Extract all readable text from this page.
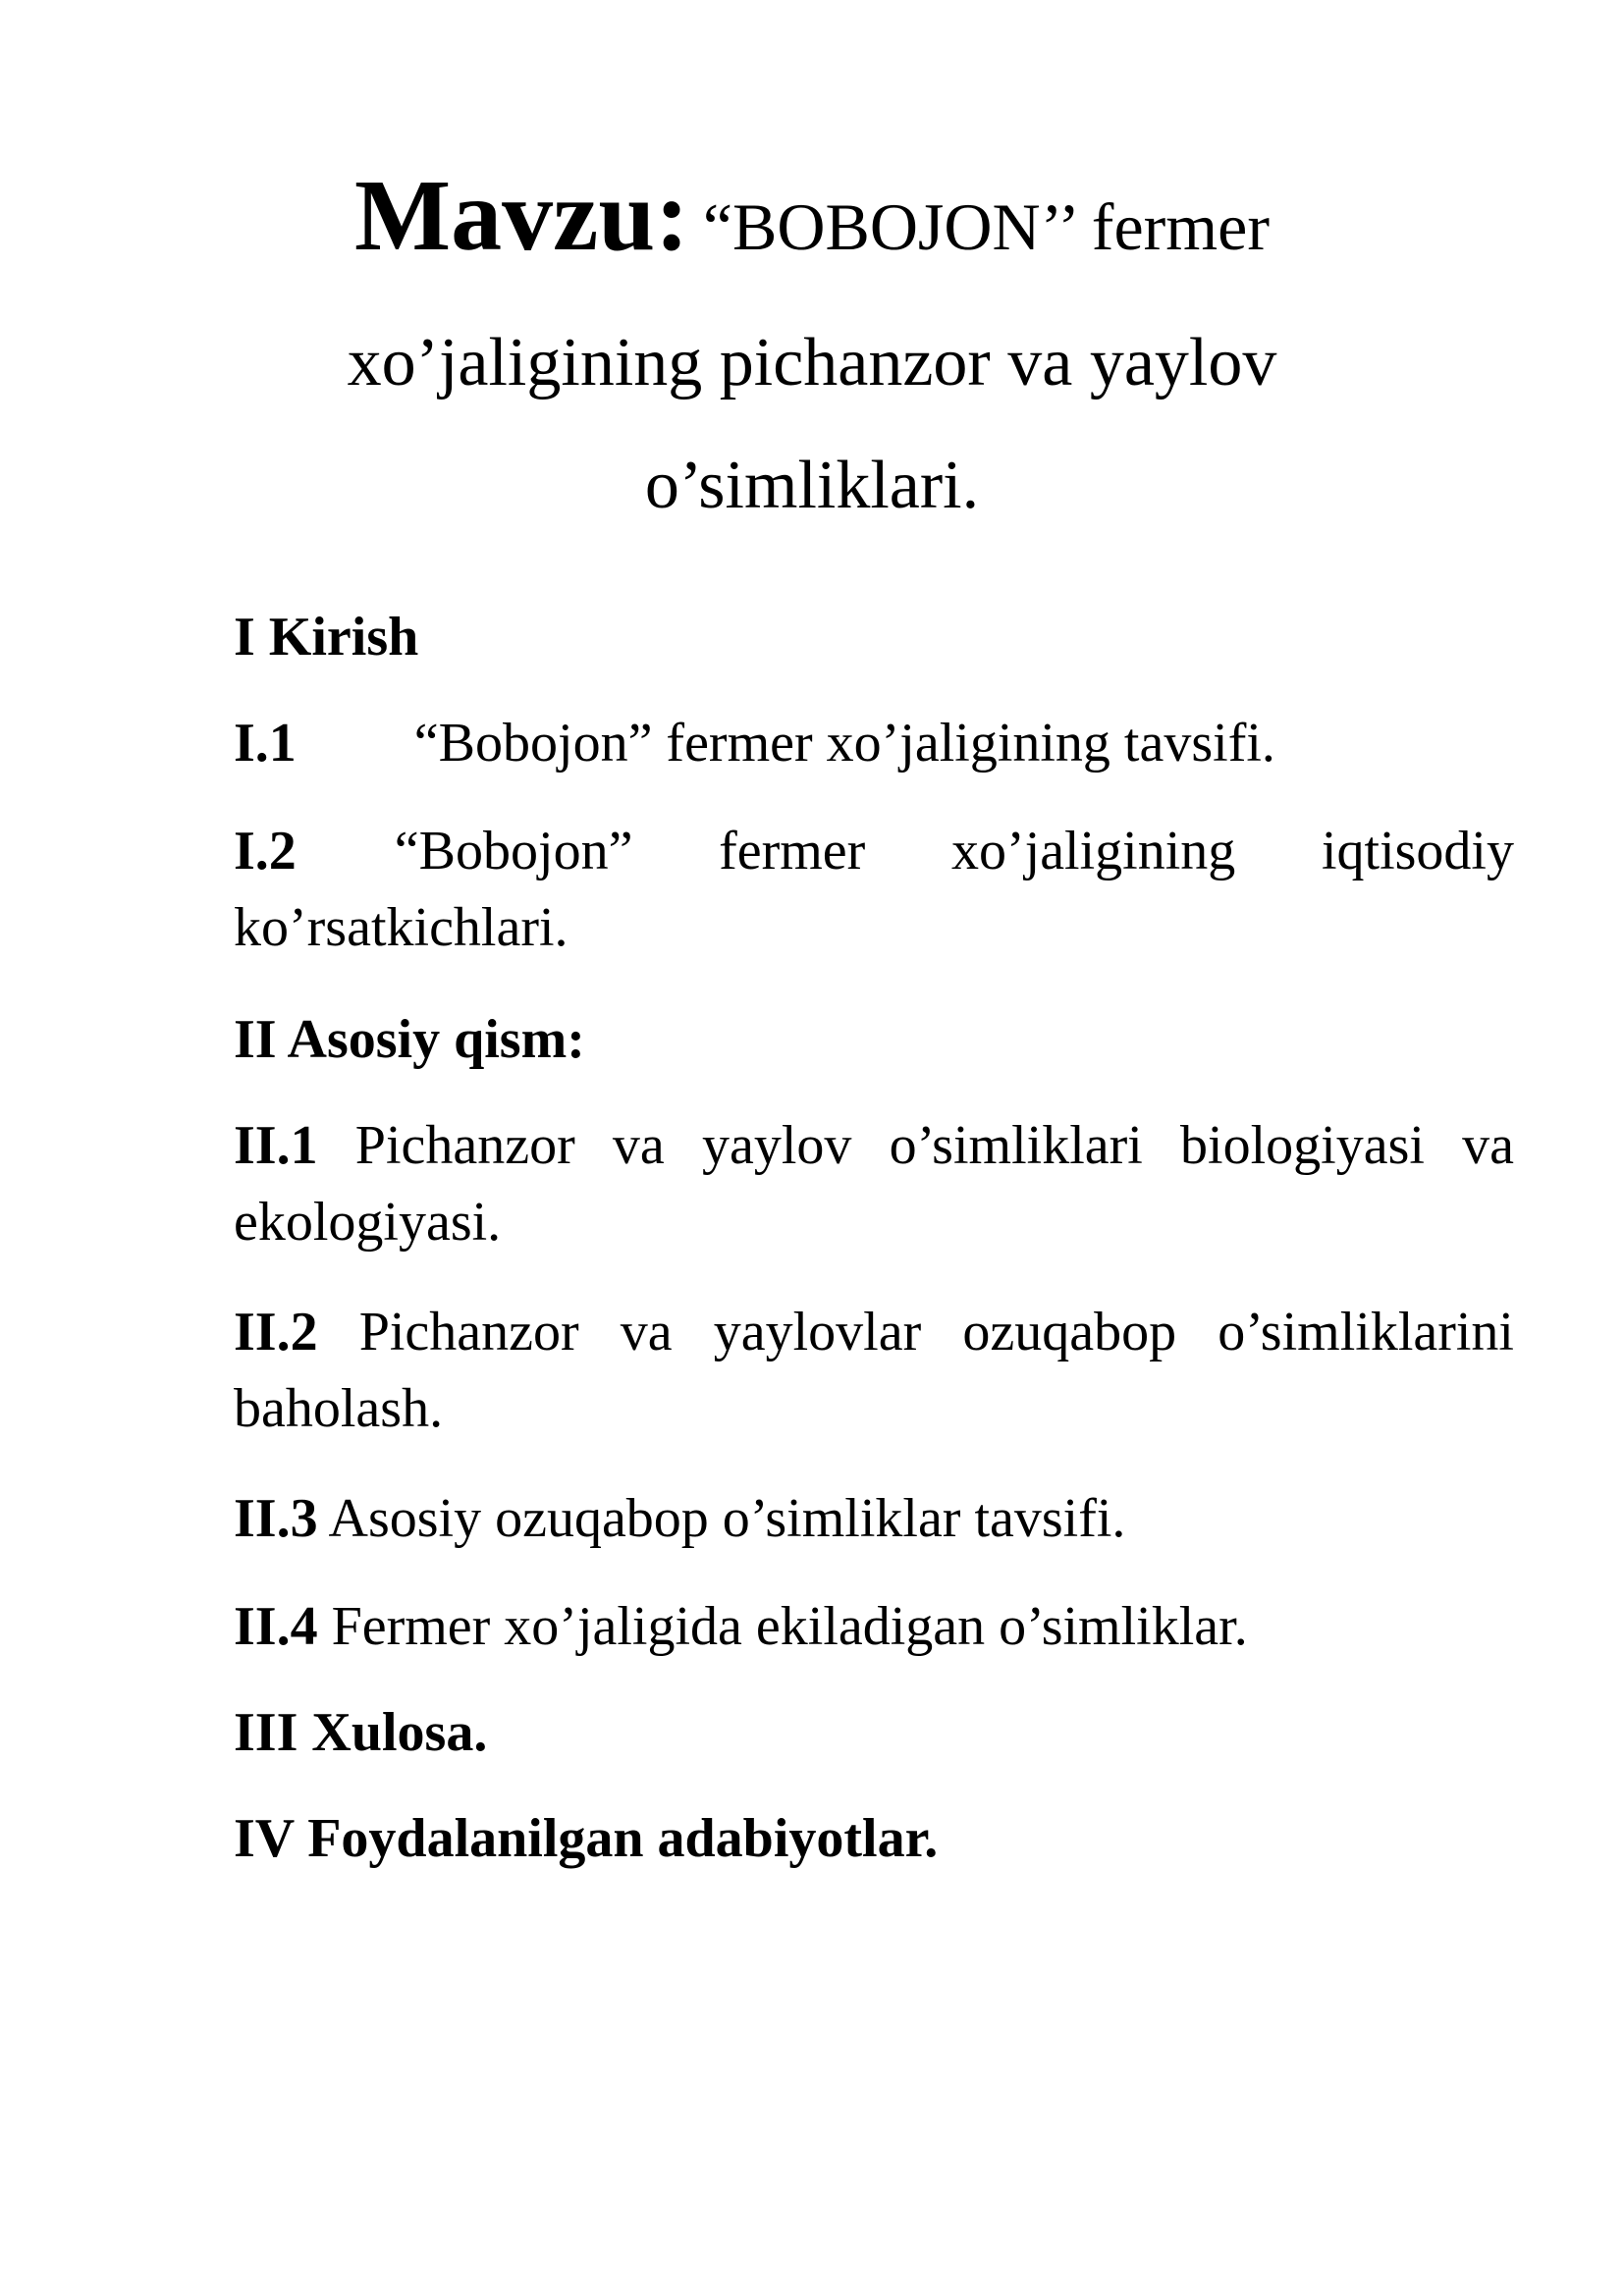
Mavzu: “BOBOJON’’ fermer
xo’jaligining pichanzor va yaylov
o’simliklari.
I Kirish
I.1 “Bobojon” fermer xo’jaligining tavsifi.
I.2 “Bobojon” fermer xo’jaligining iqtisodiy ko’rsatkichlari.
II Asosiy qism:
II.1 Pichanzor va yaylov o’simliklari biologiyasi va ekologiyasi.
II.2 Pichanzor va yaylovlar ozuqabop o’simliklarini baholash.
II.3 Asosiy ozuqabop o’simliklar tavsifi.
II.4 Fermer xo’jaligida ekiladigan o’simliklar.
III Xulosa.
IV Foydalanilgan adabiyotlar.
